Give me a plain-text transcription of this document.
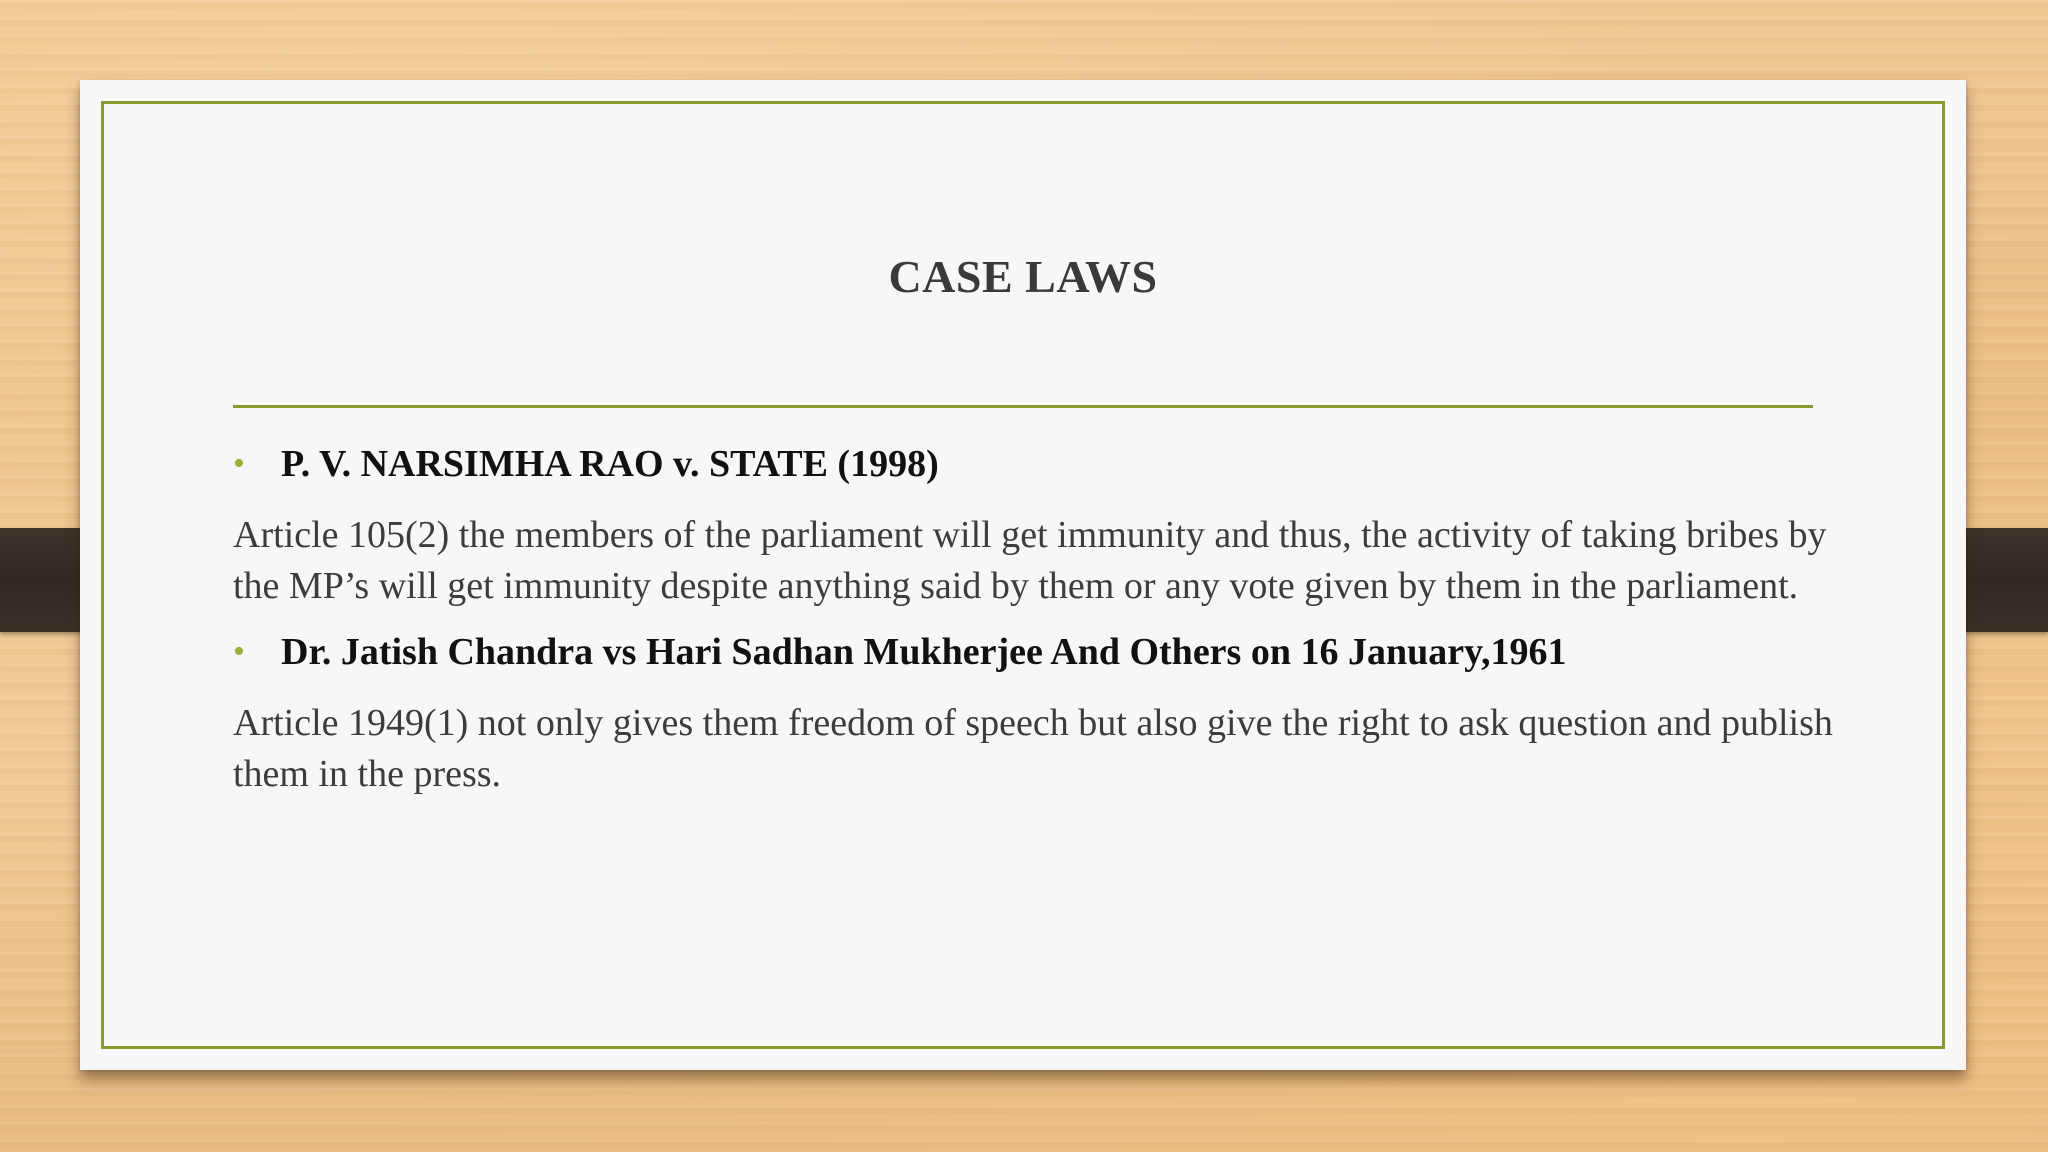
CASE LAWS
• P. V. NARSIMHA RAO v. STATE (1998)
Article 105(2) the members of the parliament will get immunity and thus, the activity of taking bribes by the MP’s will get immunity despite anything said by them or any vote given by them in the parliament.
• Dr. Jatish Chandra vs Hari Sadhan Mukherjee And Others on 16 January,1961
Article 1949(1) not only gives them freedom of speech but also give the right to ask question and publish them in the press.
